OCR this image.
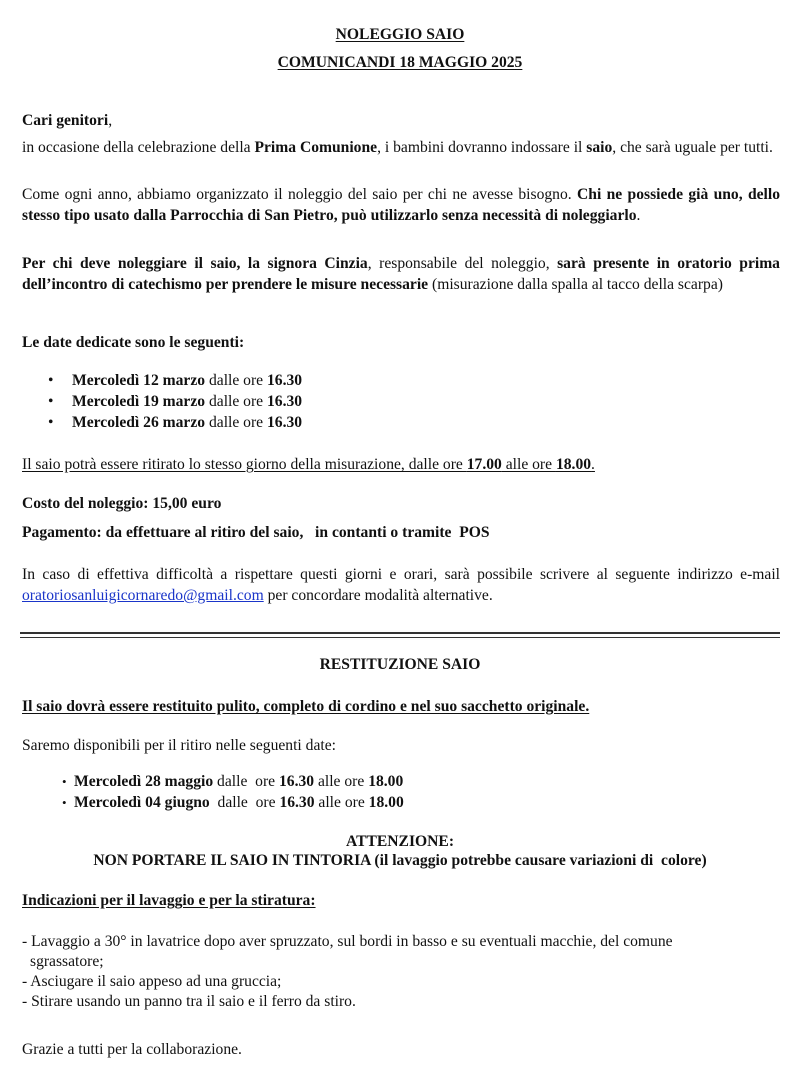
NOLEGGIO SAIO
COMUNICANDI 18 MAGGIO 2025
Cari genitori,
in occasione della celebrazione della Prima Comunione, i bambini dovranno indossare il saio, che sarà uguale per tutti.
Come ogni anno, abbiamo organizzato il noleggio del saio per chi ne avesse bisogno. Chi ne possiede già uno, dello stesso tipo usato dalla Parrocchia di San Pietro, può utilizzarlo senza necessità di noleggiarlo.
Per chi deve noleggiare il saio, la signora Cinzia, responsabile del noleggio, sarà presente in oratorio prima dell’incontro di catechismo per prendere le misure necessarie (misurazione dalla spalla al tacco della scarpa)
Le date dedicate sono le seguenti:
• Mercoledì 12 marzo dalle ore 16.30
• Mercoledì 19 marzo dalle ore 16.30
• Mercoledì 26 marzo dalle ore 16.30
Il saio potrà essere ritirato lo stesso giorno della misurazione, dalle ore 17.00 alle ore 18.00.
Costo del noleggio: 15,00 euro
Pagamento: da effettuare al ritiro del saio,   in contanti o tramite  POS
In caso di effettiva difficoltà a rispettare questi giorni e orari, sarà possibile scrivere al seguente indirizzo e-mail oratoriosanluigicornaredo@gmail.com per concordare modalità alternative.
RESTITUZIONE SAIO
Il saio dovrà essere restituito pulito, completo di cordino e nel suo sacchetto originale.
Saremo disponibili per il ritiro nelle seguenti date:
• Mercoledì 28 maggio dalle  ore 16.30 alle ore 18.00
• Mercoledì 04 giugno  dalle  ore 16.30 alle ore 18.00
ATTENZIONE:
NON PORTARE IL SAIO IN TINTORIA (il lavaggio potrebbe causare variazioni di  colore)
Indicazioni per il lavaggio e per la stiratura:
- Lavaggio a 30° in lavatrice dopo aver spruzzato, sul bordi in basso e su eventuali macchie, del comune
sgrassatore;
- Asciugare il saio appeso ad una gruccia;
- Stirare usando un panno tra il saio e il ferro da stiro.
Grazie a tutti per la collaborazione.
